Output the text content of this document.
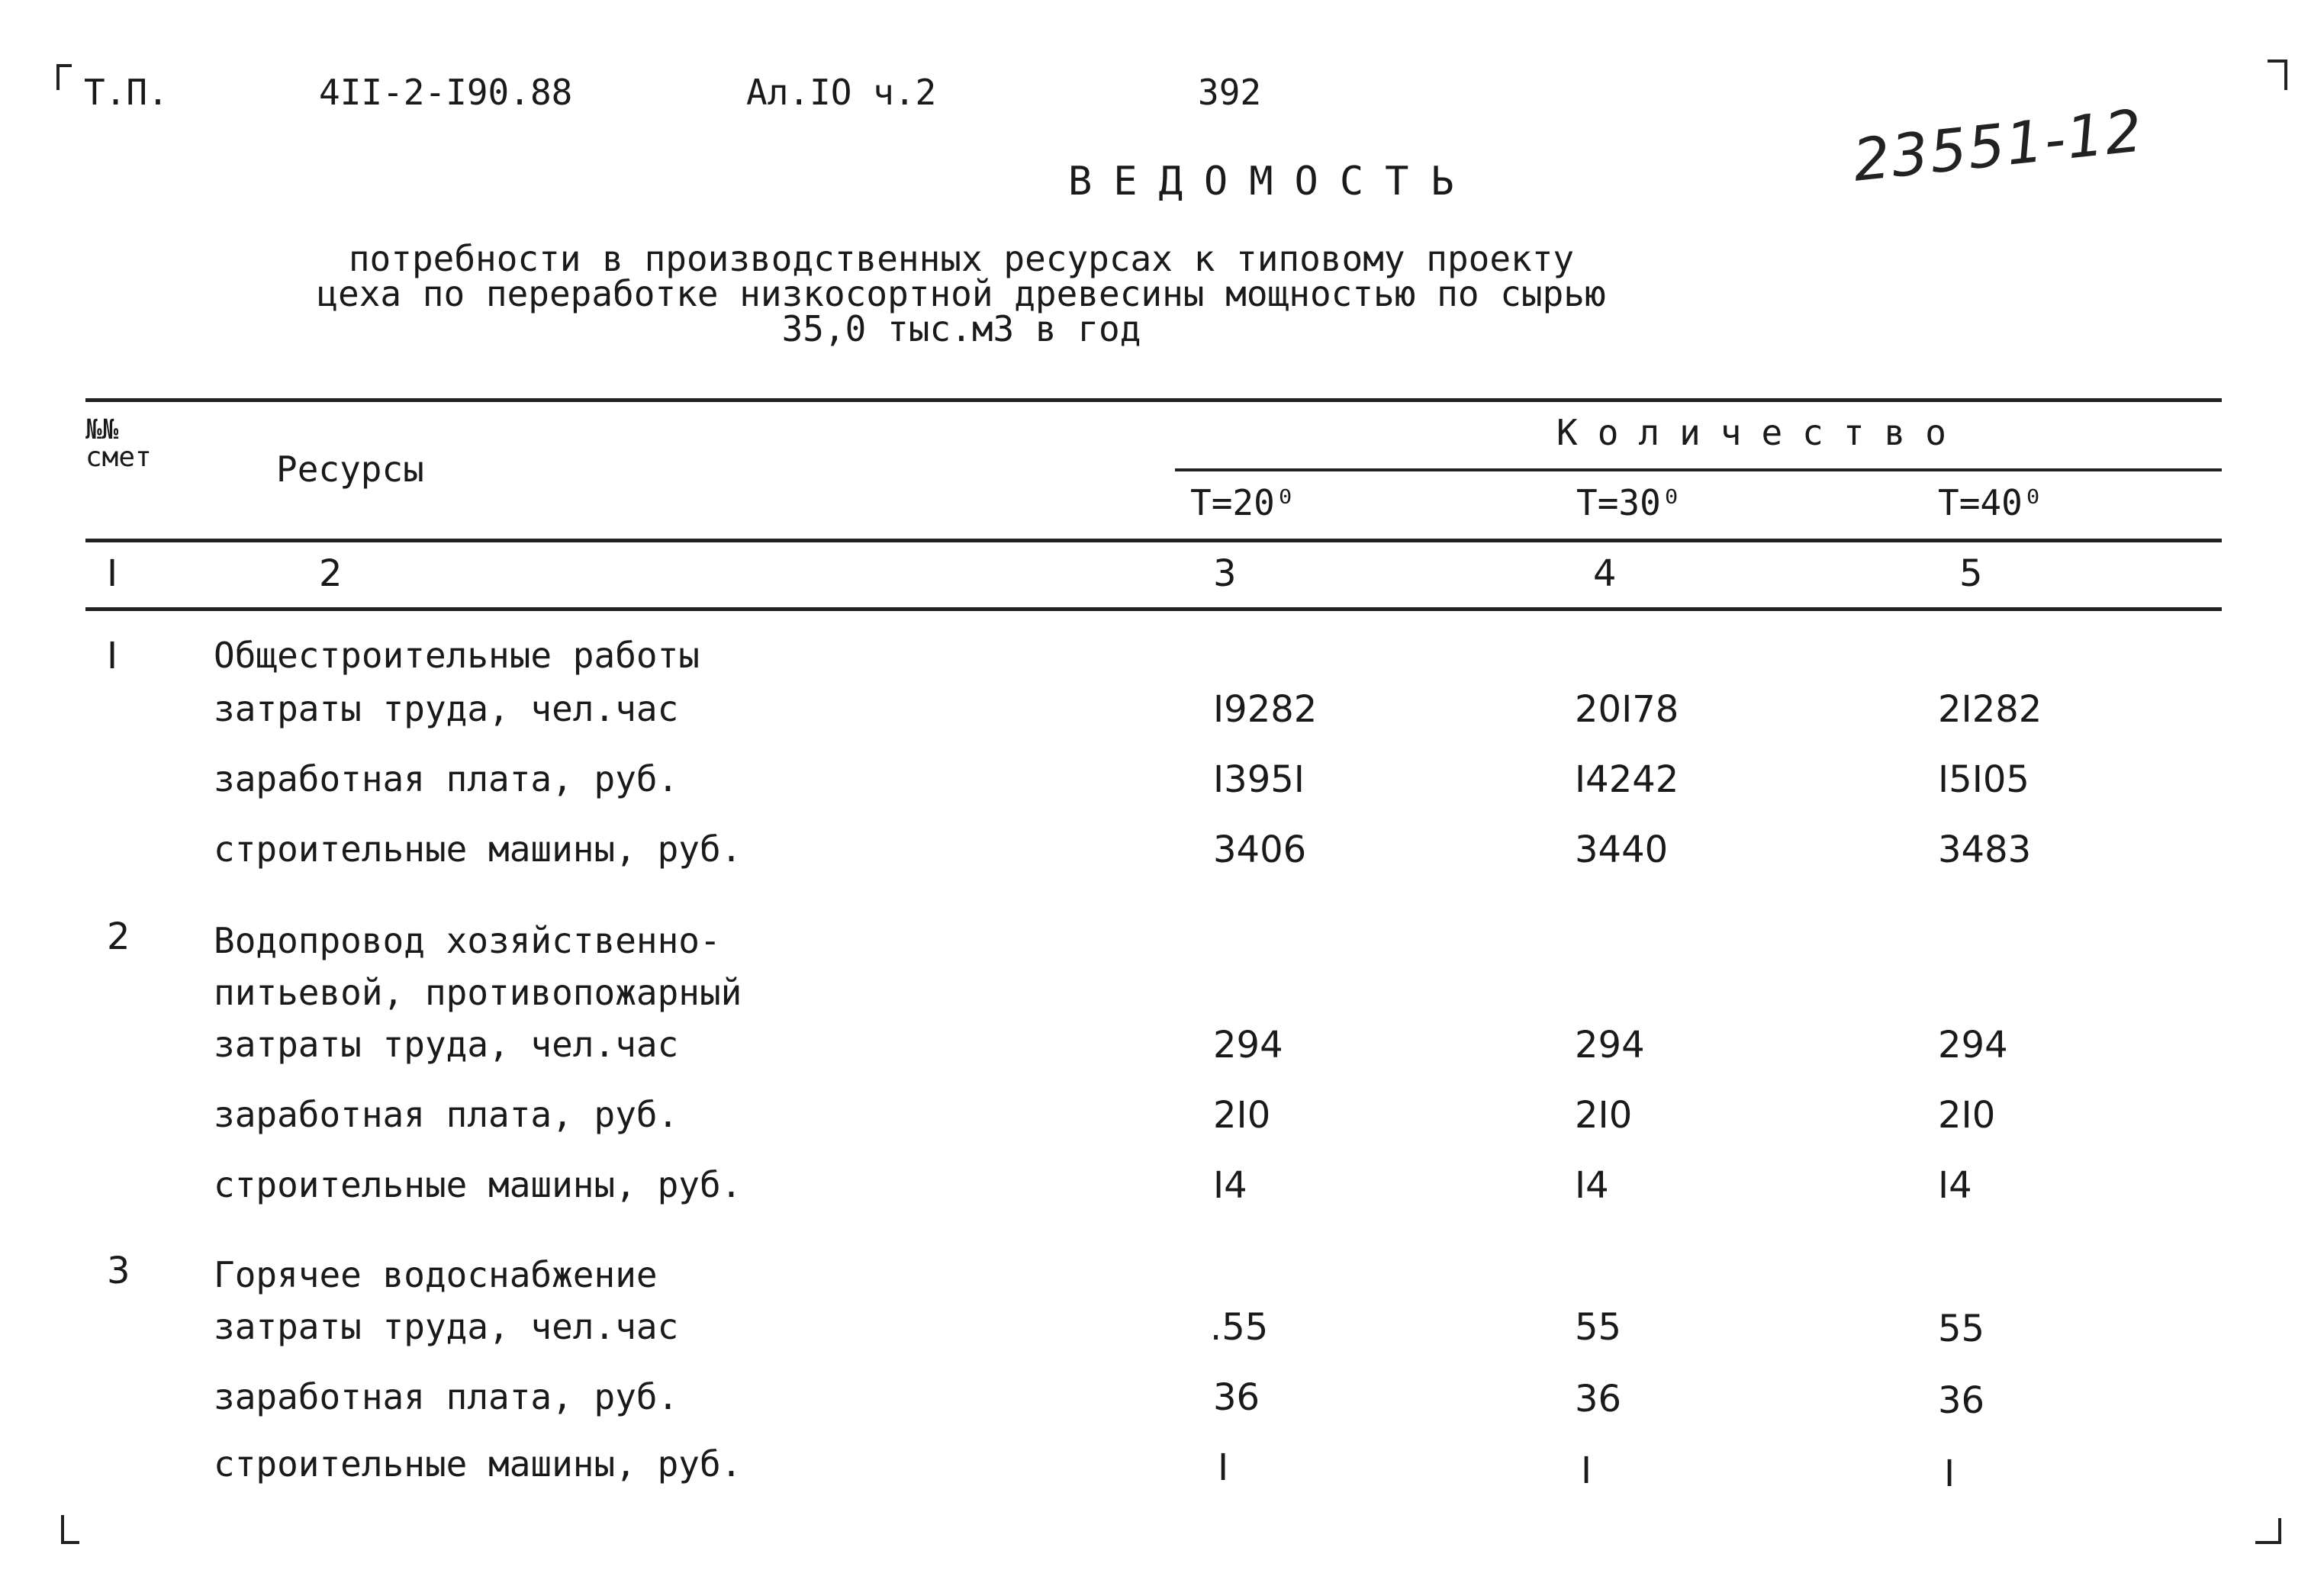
Т.П.	4II-2-I90.88	Ал.IO ч.2	392
23551-12
ВЕДОМОСТЬ
потребности в производственных ресурсах к типовому проекту
цеха по переработке низкосортной древесины мощностью по сырью
35,0 тыс.м3 в год
№№ смет	Ресурсы
Количество
Т=20⁰	Т=30⁰	Т=40⁰
I	2	3	4	5
I	Общестроительные работы
затраты труда, чел.час	I9282	20I78	2I282
заработная плата, руб.	I395I	I4242	I5I05
строительные машины, руб.	3406	3440	3483
2 Водопровод хозяйственно-
питьевой, противопожарный
затраты труда, чел.час	294	294	294
заработная плата, руб.	2I0	2I0	2I0
строительные машины, руб.	I4	I4	I4
3 Горячее водоснабжение
затраты труда, чел.час	.55	55	55
заработная плата, руб.	36	36	36
строительные машины, руб.	I	I	I
